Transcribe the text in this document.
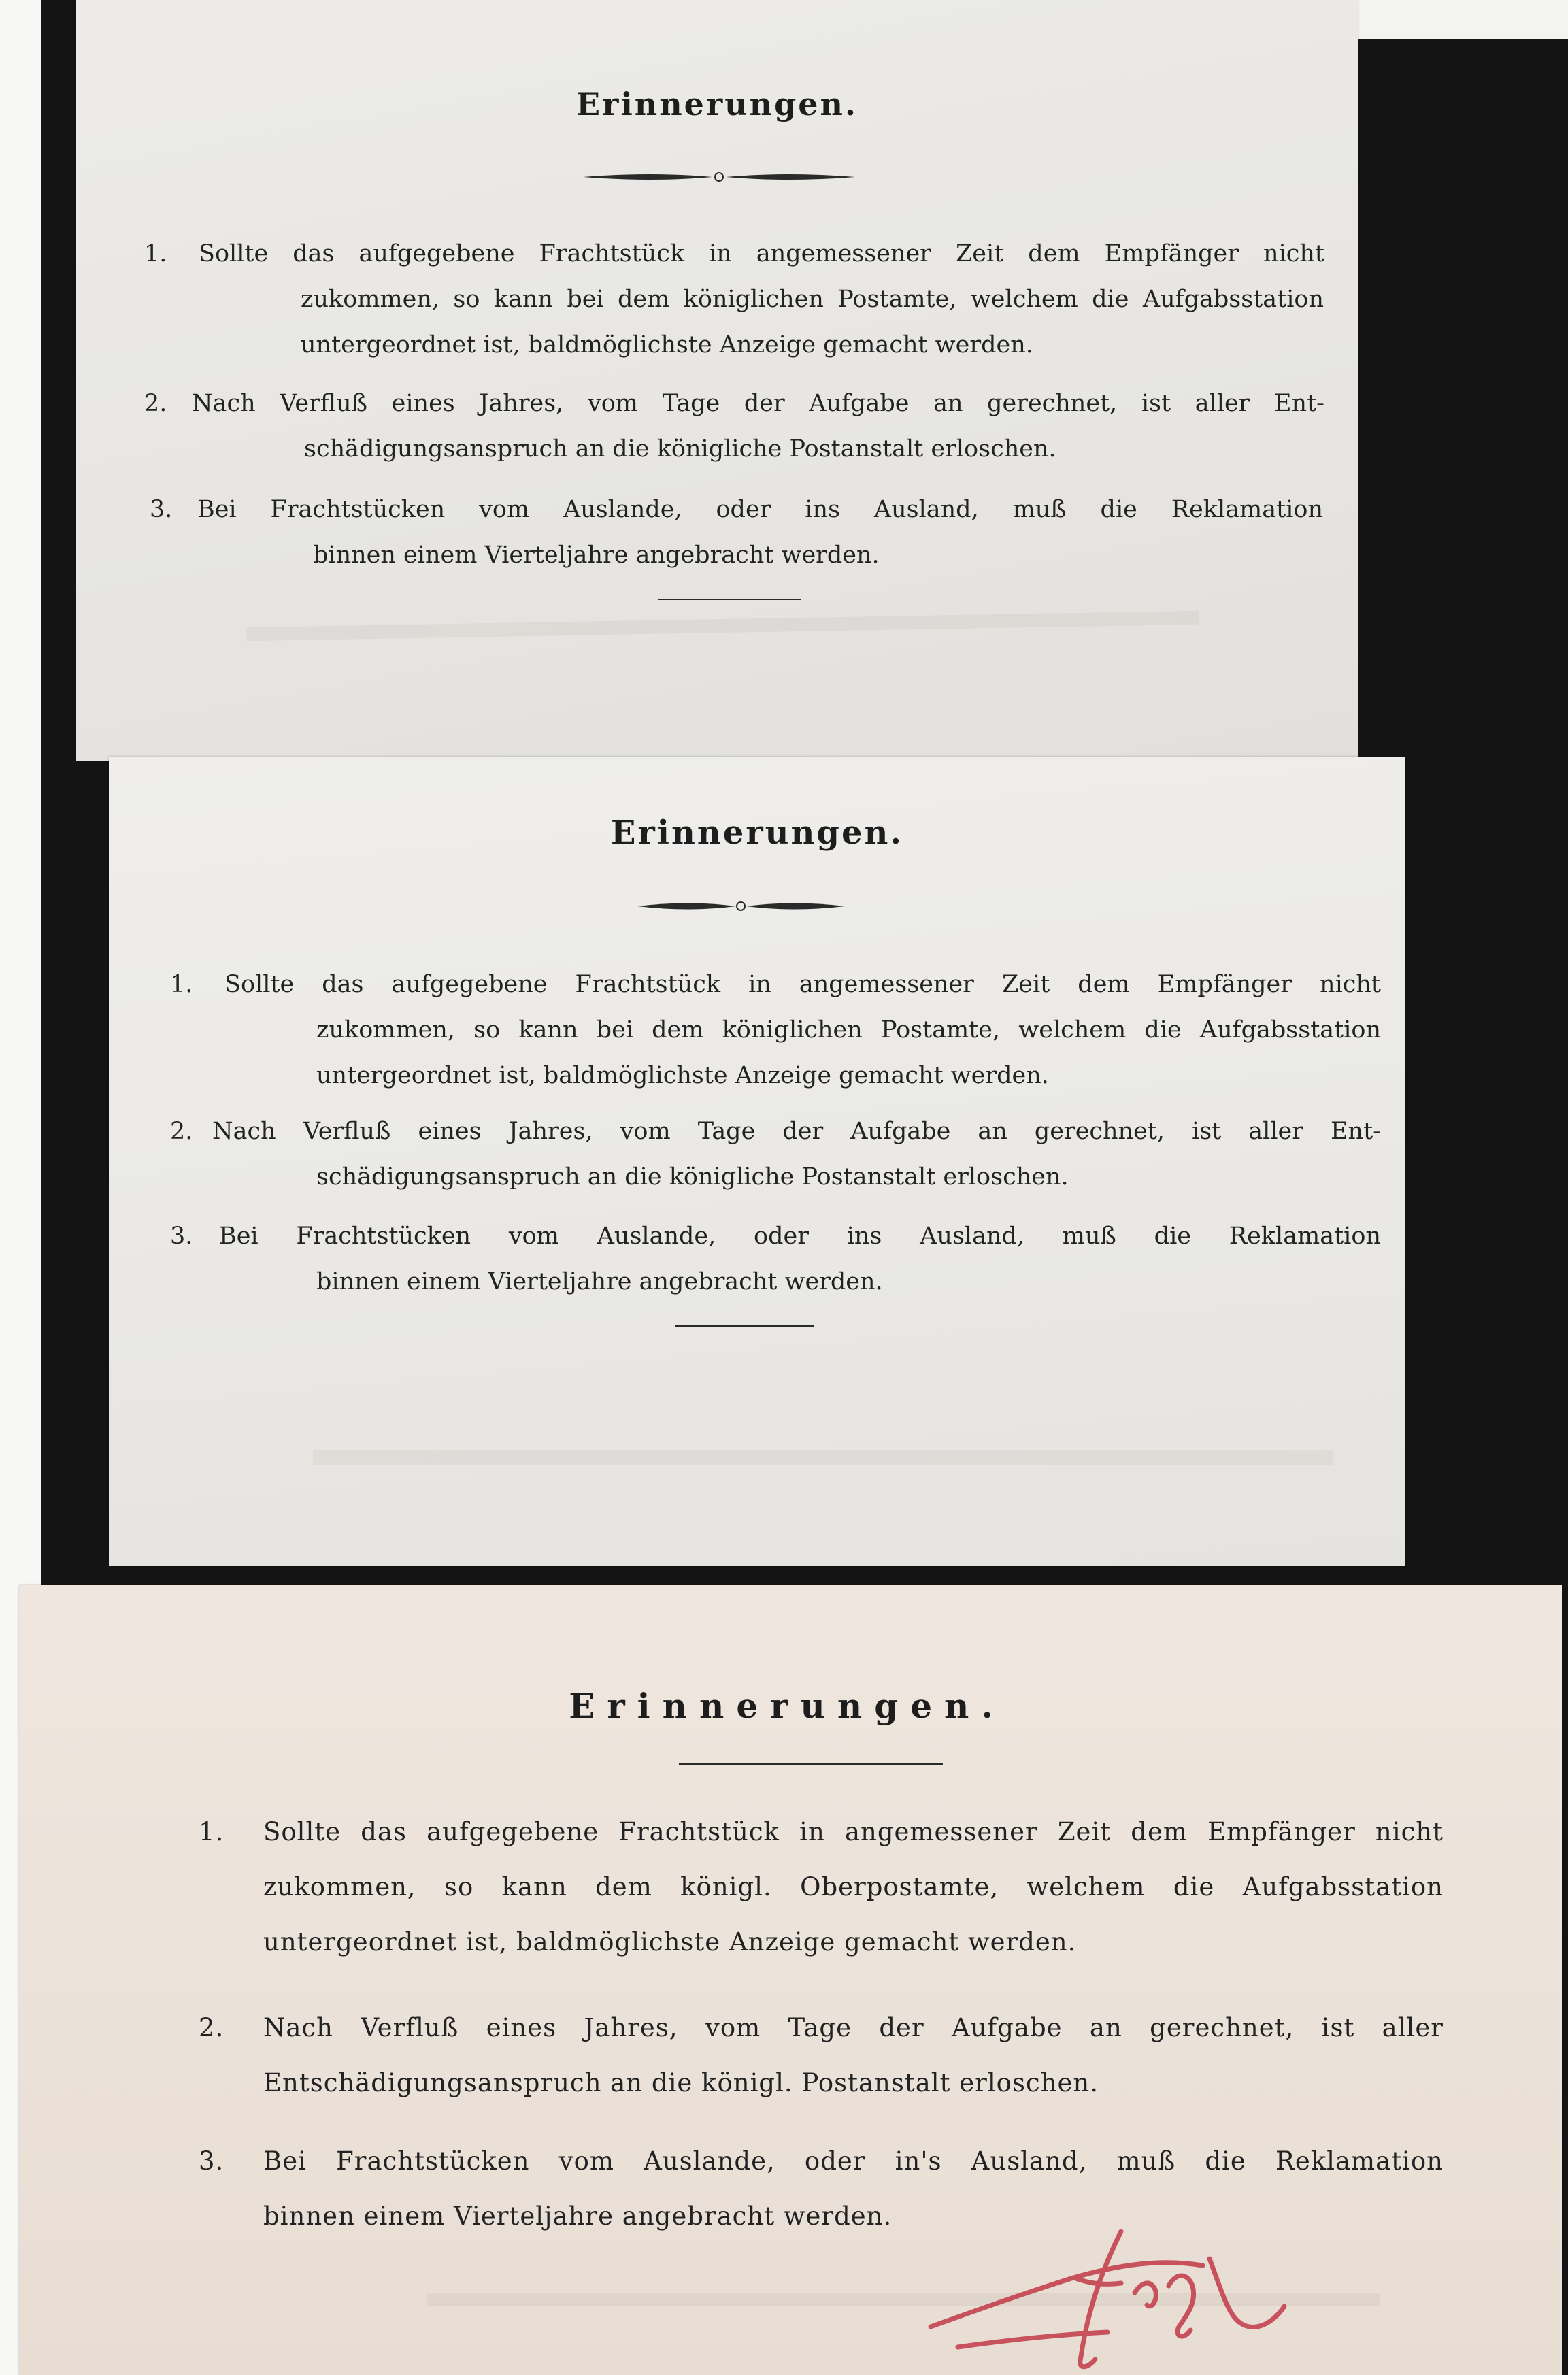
​
Erinnerungen.
1. Sollte das aufgegebene Frachtstück in angemessener Zeit dem Empfänger nicht
zukommen, so kann bei dem königlichen Postamte, welchem die Aufgabsstation
untergeordnet ist, baldmöglichste Anzeige gemacht werden.
2. Nach Verfluß eines Jahres, vom Tage der Aufgabe an gerechnet, ist aller Ent-
schädigungsanspruch an die königliche Postanstalt erloschen.
3. Bei Frachtstücken vom Auslande, oder ins Ausland, muß die Reklamation
binnen einem Vierteljahre angebracht werden.
Erinnerungen.
1. Sollte das aufgegebene Frachtstück in angemessener Zeit dem Empfänger nicht
zukommen, so kann bei dem königlichen Postamte, welchem die Aufgabsstation
untergeordnet ist, baldmöglichste Anzeige gemacht werden.
2. Nach Verfluß eines Jahres, vom Tage der Aufgabe an gerechnet, ist aller Ent-
schädigungsanspruch an die königliche Postanstalt erloschen.
3. Bei Frachtstücken vom Auslande, oder ins Ausland, muß die Reklamation
binnen einem Vierteljahre angebracht werden.
Erinnerungen.
1. Sollte das aufgegebene Frachtstück in angemessener Zeit dem Empfänger nicht
zukommen, so kann dem königl. Oberpostamte, welchem die Aufgabsstation
untergeordnet ist, baldmöglichste Anzeige gemacht werden.
2. Nach Verfluß eines Jahres, vom Tage der Aufgabe an gerechnet, ist aller
Entschädigungsanspruch an die königl. Postanstalt erloschen.
3. Bei Frachtstücken vom Auslande, oder in's Ausland, muß die Reklamation
binnen einem Vierteljahre angebracht werden.
